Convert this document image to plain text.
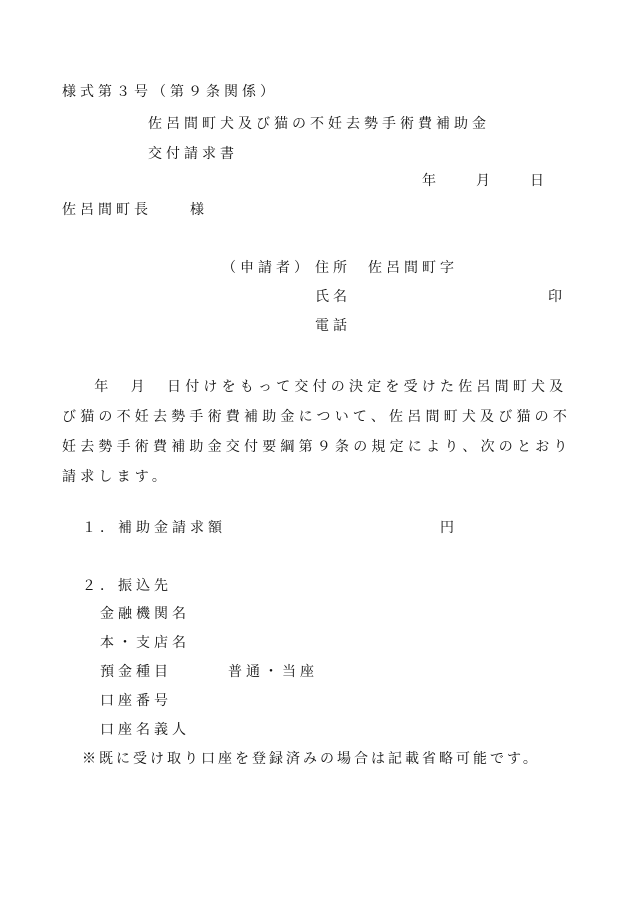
様式第３号（第９条関係）
佐呂間町犬及び猫の不妊去勢手術費補助金
交付請求書
年	月	日
佐呂間町長	様
（申請者） 住所 佐呂間町字
氏名	印
電話
　年　月　日付けをもって交付の決定を受けた佐呂間町犬及
び猫の不妊去勢手術費補助金について、佐呂間町犬及び猫の不
妊去勢手術費補助金交付要綱第９条の規定により、次のとおり
請求します。
１．補助金請求額	円
２．振込先
金融機関名
本・支店名
預金種目	普通・当座
口座番号
口座名義人
※既に受け取り口座を登録済みの場合は記載省略可能です。
